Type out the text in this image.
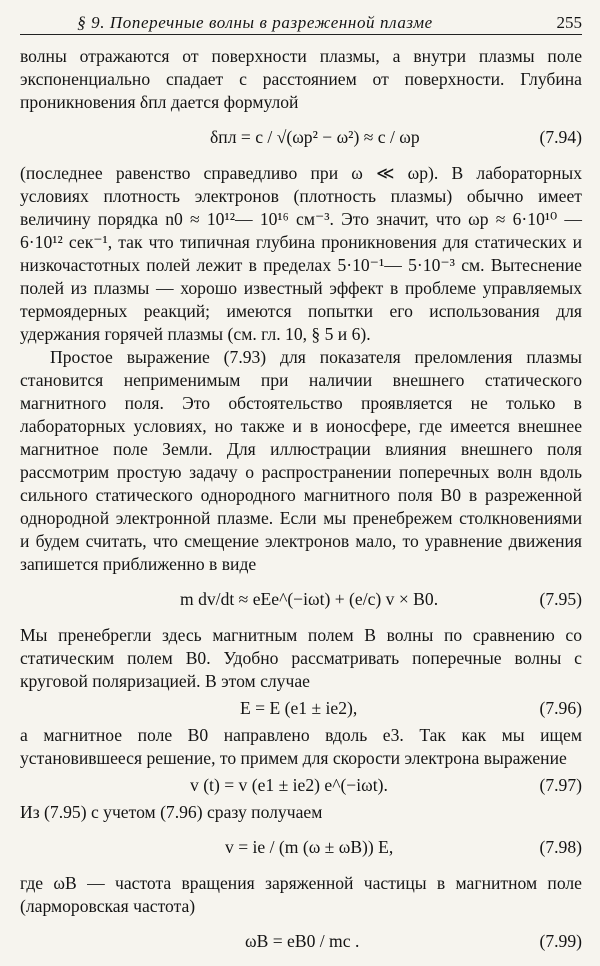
§ 9. Поперечные волны в разреженной плазме	255

волны отражаются от поверхности плазмы, а внутри плазмы поле экспоненциально спадает с расстоянием от поверхности. Глубина проникновения δпл дается формулой

δпл = c / √(ωp² − ω²) ≈ c / ωp	(7.94)

(последнее равенство справедливо при ω ≪ ωp). В лабораторных условиях плотность электронов (плотность плазмы) обычно имеет величину порядка n0 ≈ 10¹²— 10¹⁶ см⁻³. Это значит, что ωp ≈ 6·10¹⁰ — 6·10¹² сек⁻¹, так что типичная глубина проникновения для статических и низкочастотных полей лежит в пределах 5·10⁻¹— 5·10⁻³ см. Вытеснение полей из плазмы — хорошо известный эффект в проблеме управляемых термоядерных реакций; имеются попытки его использования для удержания горячей плазмы (см. гл. 10, § 5 и 6).

Простое выражение (7.93) для показателя преломления плазмы становится неприменимым при наличии внешнего статического магнитного поля. Это обстоятельство проявляется не только в лабораторных условиях, но также и в ионосфере, где имеется внешнее магнитное поле Земли. Для иллюстрации влияния внешнего поля рассмотрим простую задачу о распространении поперечных волн вдоль сильного статического однородного магнитного поля B0 в разреженной однородной электронной плазме. Если мы пренебрежем столкновениями и будем считать, что смещение электронов мало, то уравнение движения запишется приближенно в виде

m dv/dt ≈ eEe^(−iωt) + (e/c) v × B0.	(7.95)

Мы пренебрегли здесь магнитным полем B волны по сравнению со статическим полем B0. Удобно рассматривать поперечные волны с круговой поляризацией. В этом случае

E = E (e1 ± ie2),	(7.96)

а магнитное поле B0 направлено вдоль e3. Так как мы ищем установившееся решение, то примем для скорости электрона выражение

v (t) = v (e1 ± ie2) e^(−iωt).	(7.97)

Из (7.95) с учетом (7.96) сразу получаем

v = ie / (m (ω ± ωB)) E,	(7.98)

где ωB — частота вращения заряженной частицы в магнитном поле (ларморовская частота)

ωB = eB0 / mc .	(7.99)
